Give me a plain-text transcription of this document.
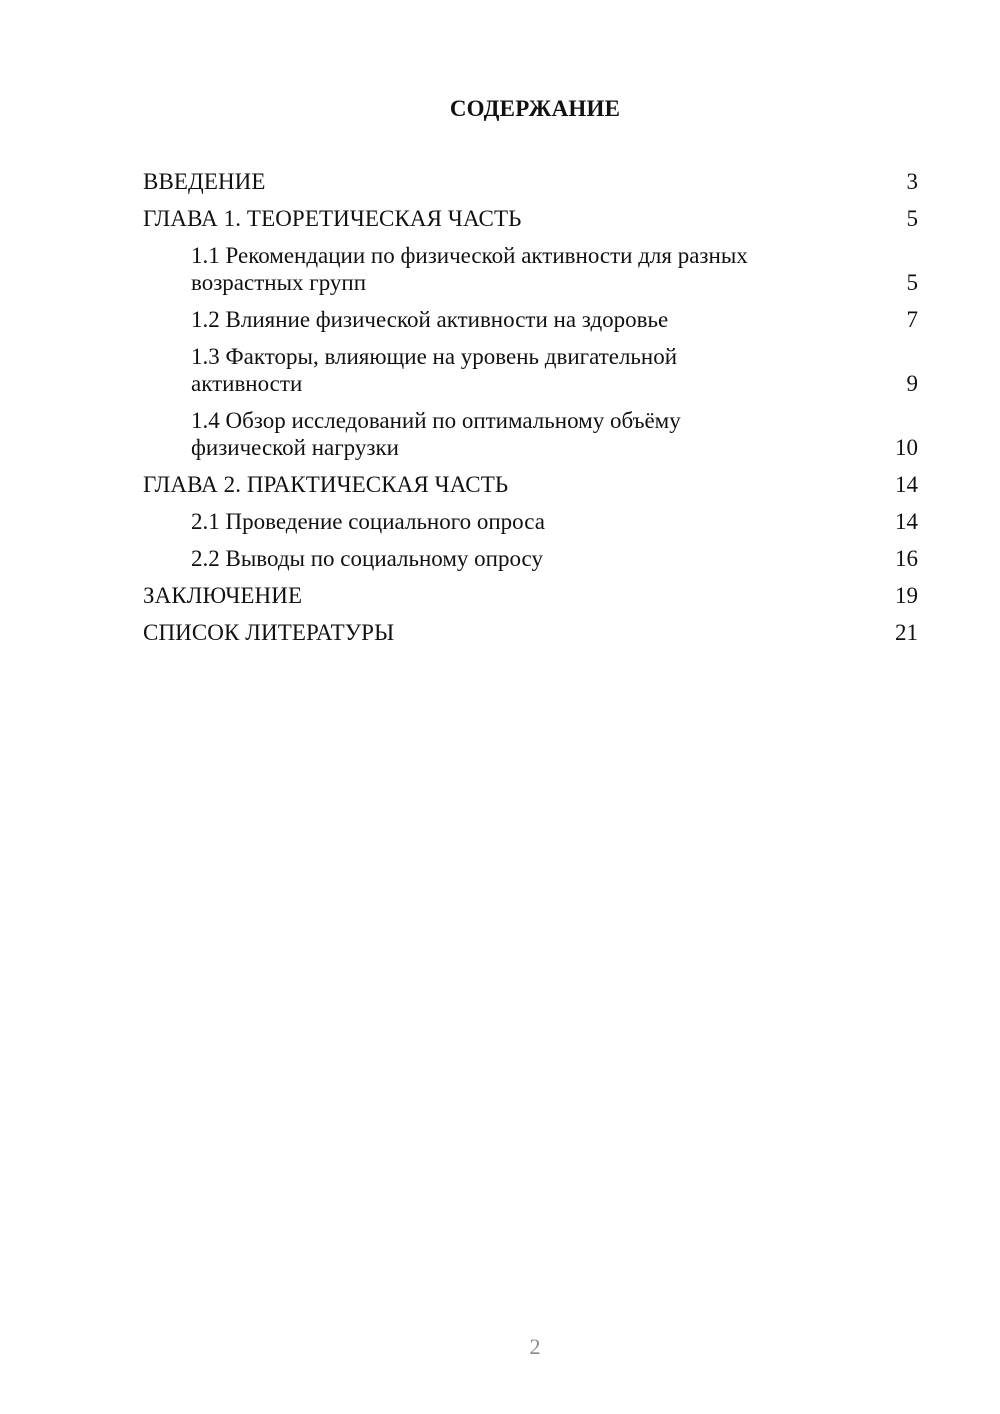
СОДЕРЖАНИЕ
ВВЕДЕНИЕ	3
ГЛАВА 1. ТЕОРЕТИЧЕСКАЯ ЧАСТЬ	5
1.1 Рекомендации по физической активности для разных
возрастных групп	5
1.2 Влияние физической активности на здоровье	7
1.3 Факторы, влияющие на уровень двигательной
активности	9
1.4 Обзор исследований по оптимальному объёму
физической нагрузки	10
ГЛАВА 2. ПРАКТИЧЕСКАЯ ЧАСТЬ	14
2.1 Проведение социального опроса	14
2.2 Выводы по социальному опросу	16
ЗАКЛЮЧЕНИЕ	19
СПИСОК ЛИТЕРАТУРЫ	21
2
